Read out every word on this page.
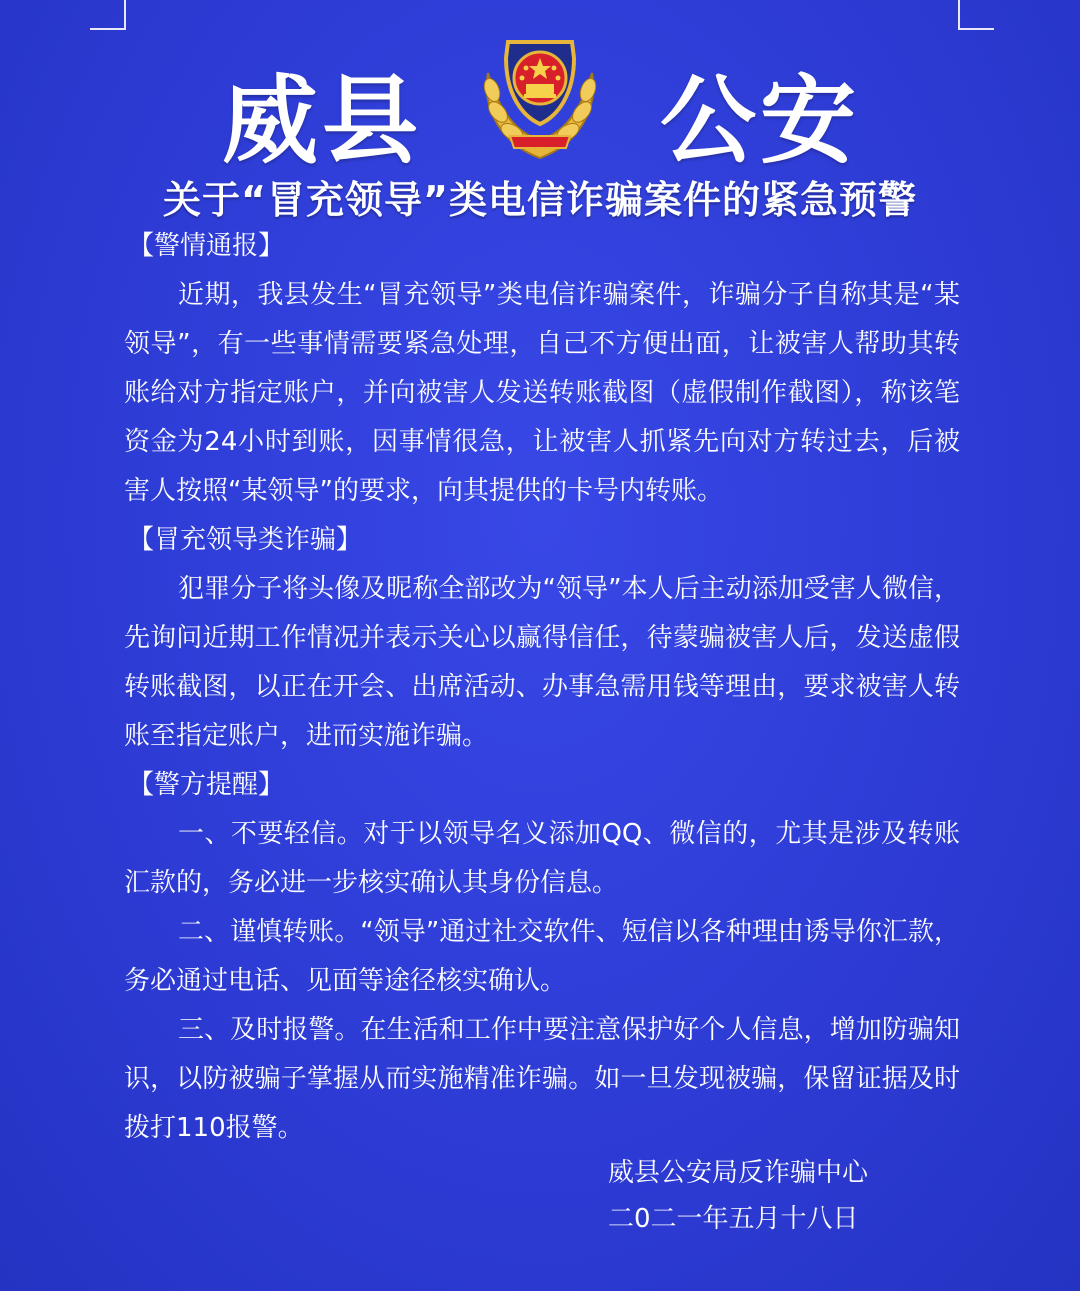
威县 公安
关于“冒充领导”类电信诈骗案件的紧急预警
【警情通报】

近期，我县发生“冒充领导”类电信诈骗案件，诈骗分子自称其是“某领导”，有一些事情需要紧急处理，自己不方便出面，让被害人帮助其转账给对方指定账户，并向被害人发送转账截图（虚假制作截图），称该笔资金为24小时到账，因事情很急，让被害人抓紧先向对方转过去，后被害人按照“某领导”的要求，向其提供的卡号内转账。

【冒充领导类诈骗】

犯罪分子将头像及昵称全部改为“领导”本人后主动添加受害人微信，先询问近期工作情况并表示关心以赢得信任，待蒙骗被害人后，发送虚假转账截图，以正在开会、出席活动、办事急需用钱等理由，要求被害人转账至指定账户，进而实施诈骗。

【警方提醒】

一、不要轻信。对于以领导名义添加QQ、微信的，尤其是涉及转账汇款的，务必进一步核实确认其身份信息。

二、谨慎转账。“领导”通过社交软件、短信以各种理由诱导你汇款，务必通过电话、见面等途径核实确认。

三、及时报警。在生活和工作中要注意保护好个人信息，增加防骗知识，以防被骗子掌握从而实施精准诈骗。如一旦发现被骗，保留证据及时拨打110报警。

威县公安局反诈骗中心
二0二一年五月十八日
